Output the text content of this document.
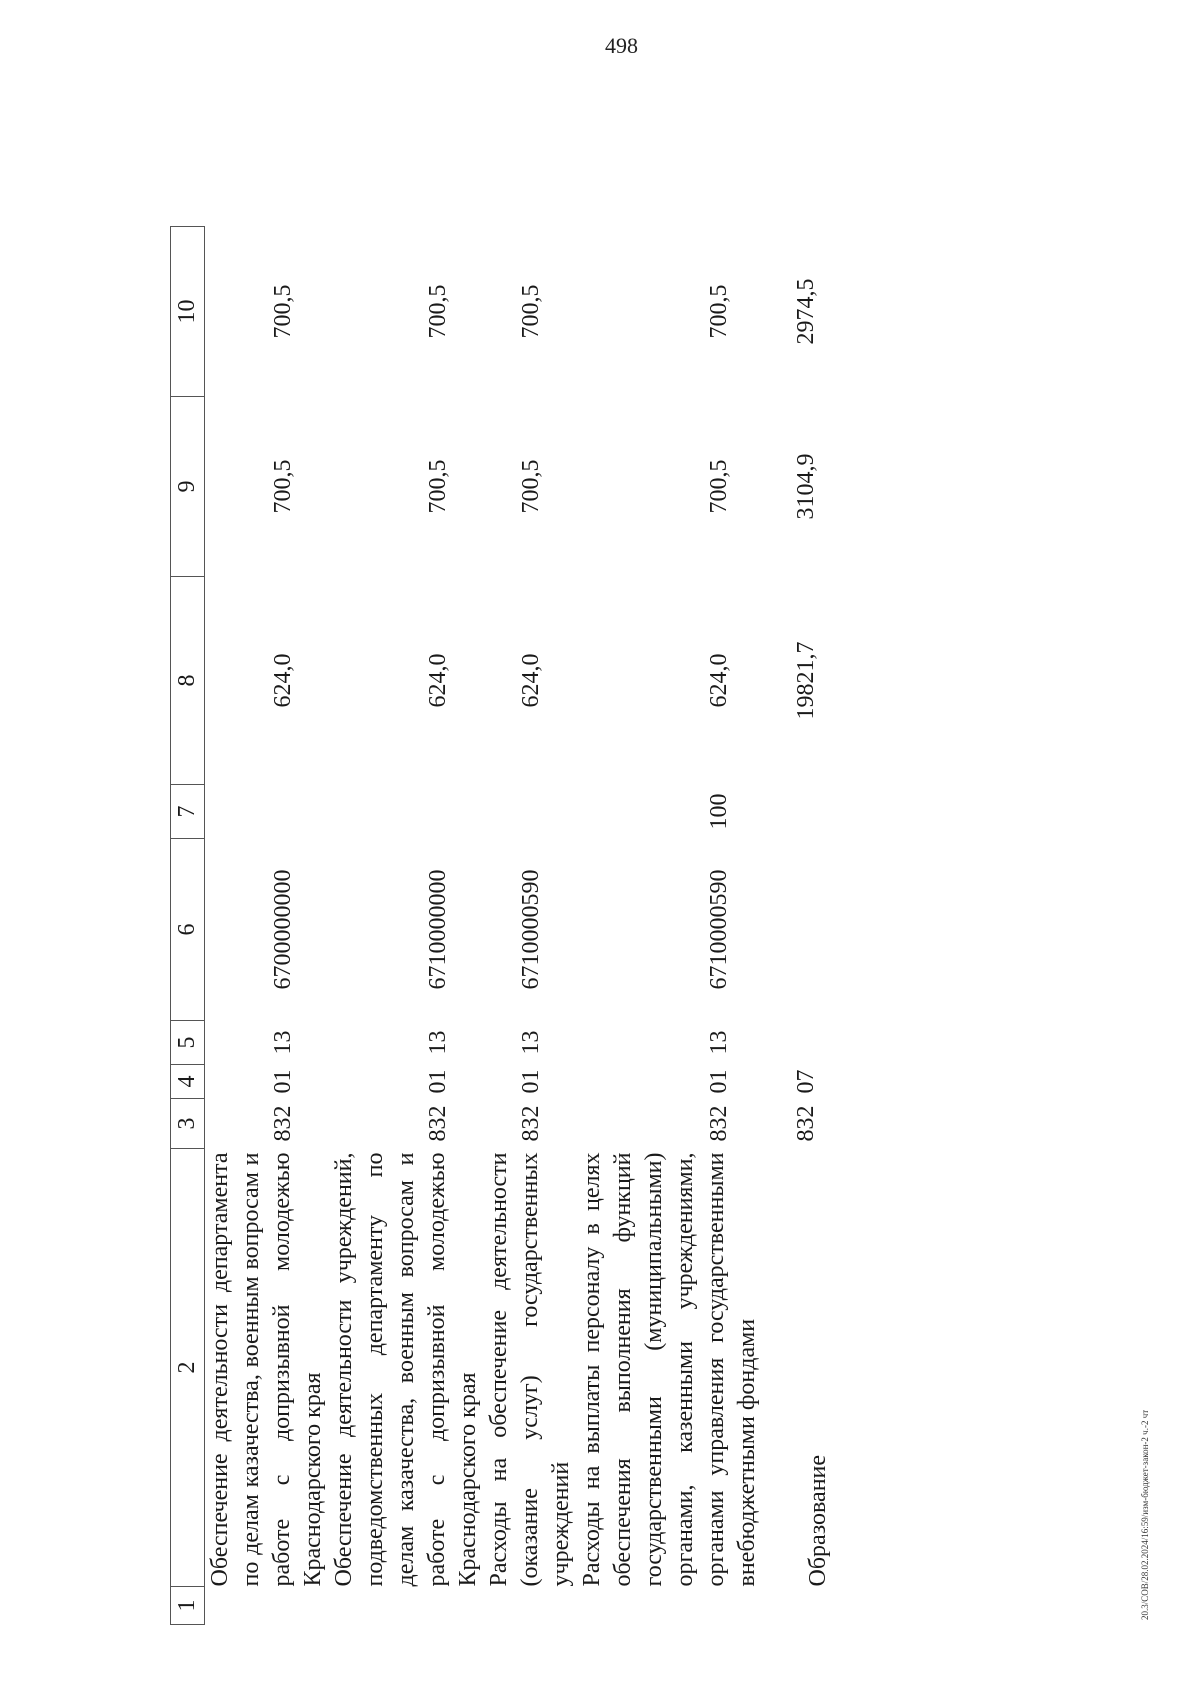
498
1	2	3	4	5	6	7	8	9	10
	Обеспечение деятельности департамента по делам казачества, военным вопросам и работе с допризывной молодежью Краснодарского края	832	01	13	6700000000		624,0	700,5	700,5
	Обеспечение деятельности учреждений, подведомственных департаменту по делам казачества, военным вопросам и работе с допризывной молодежью Краснодарского края	832	01	13	6710000000		624,0	700,5	700,5
	Расходы на обеспечение деятельности (оказание услуг) государственных учреждений	832	01	13	6710000590		624,0	700,5	700,5
	Расходы на выплаты персоналу в целях обеспечения выполнения функций государственными (муниципальными) органами, казенными учреждениями, органами управления государственными внебюджетными фондами	832	01	13	6710000590	100	624,0	700,5	700,5
	Образование	832	07				19821,7	3104,9	2974,5
20.3/СОВ/28.02.2024/16:59/изм-бюджет-закон-2 ч.-2 чт
